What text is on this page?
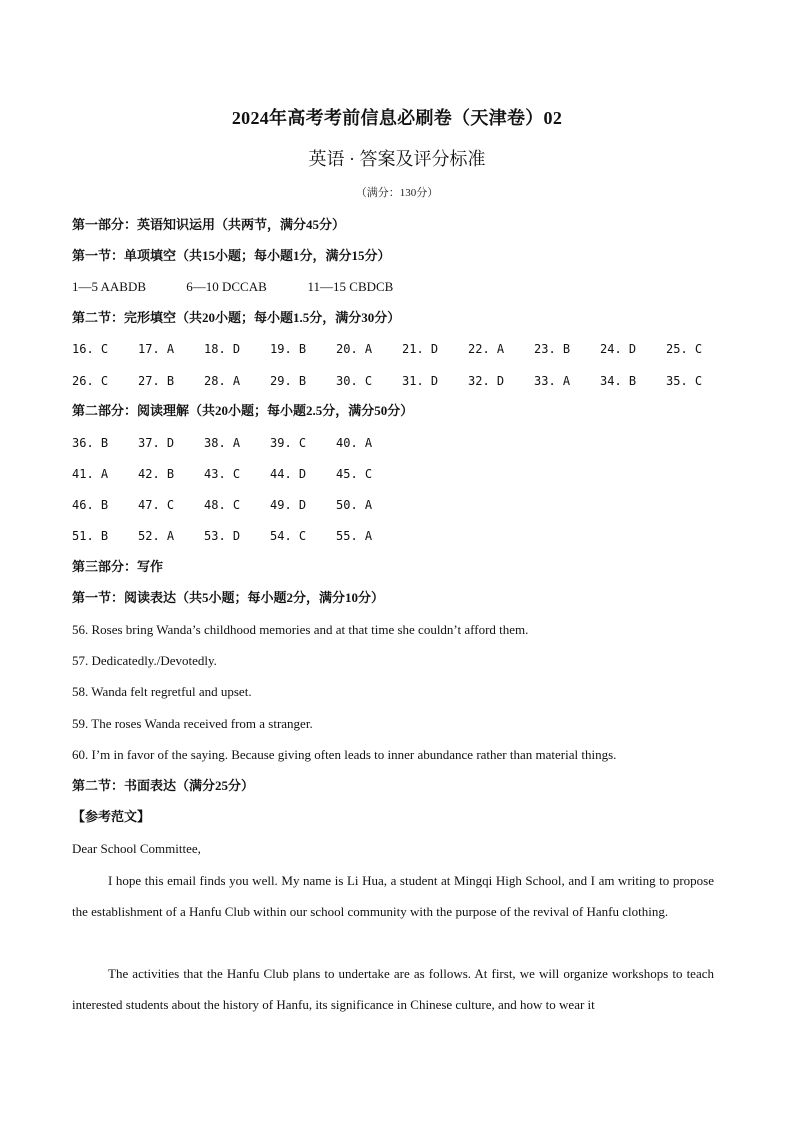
2024年高考考前信息必刷卷（天津卷）02
英语 · 答案及评分标准
（满分：130分）
第一部分：英语知识运用（共两节，满分45分）
第一节：单项填空（共15小题；每小题1分，满分15分）
1—5 AABDB	6—10 DCCAB	11—15 CBDCB
第二节：完形填空（共20小题；每小题1.5分，满分30分）
16. C	17. A	18. D	19. B	20. A	21. D	22. A	23. B	24. D	25. C
26. C	27. B	28. A	29. B	30. C	31. D	32. D	33. A	34. B	35. C
第二部分：阅读理解（共20小题；每小题2.5分，满分50分）
36. B	37. D	38. A	39. C	40. A
41. A	42. B	43. C	44. D	45. C
46. B	47. C	48. C	49. D	50. A
51. B	52. A	53. D	54. C	55. A
第三部分：写作
第一节：阅读表达（共5小题；每小题2分，满分10分）
56. Roses bring Wanda’s childhood memories and at that time she couldn’t afford them.
57. Dedicatedly./Devotedly.
58. Wanda felt regretful and upset.
59. The roses Wanda received from a stranger.
60. I’m in favor of the saying. Because giving often leads to inner abundance rather than material things.
第二节：书面表达（满分25分）
【参考范文】
Dear School Committee,
I hope this email finds you well. My name is Li Hua, a student at Mingqi High School, and I am writing to propose the establishment of a Hanfu Club within our school community with the purpose of the revival of Hanfu clothing.
The activities that the Hanfu Club plans to undertake are as follows. At first, we will organize workshops to teach interested students about the history of Hanfu, its significance in Chinese culture, and how to wear it
